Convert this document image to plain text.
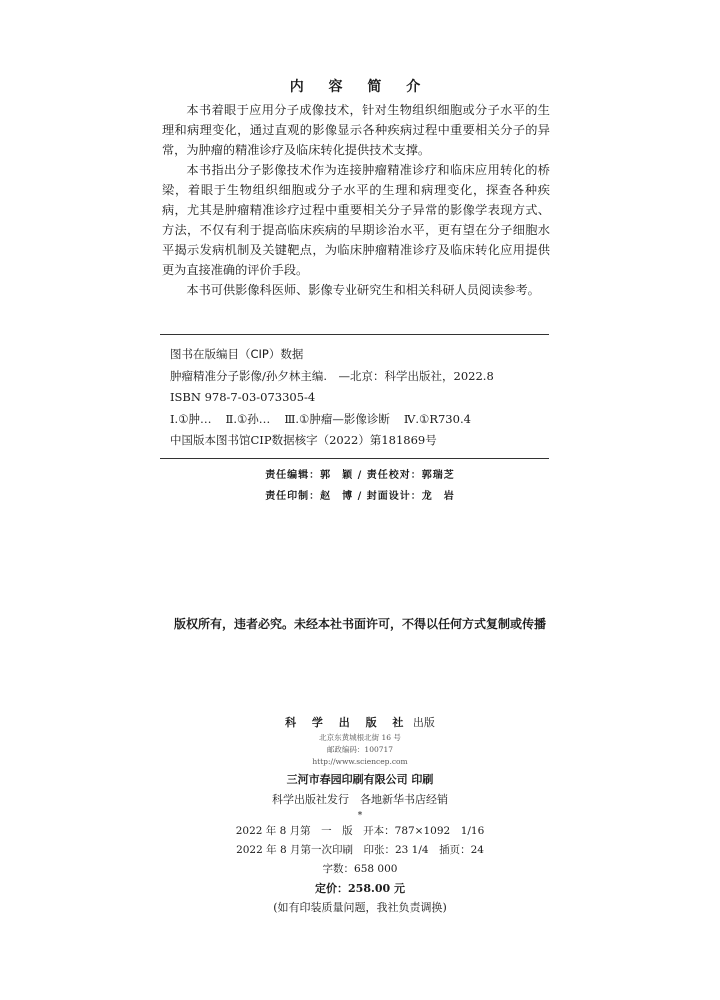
内 容 简 介

本书着眼于应用分子成像技术，针对生物组织细胞或分子水平的生理和病理变化，通过直观的影像显示各种疾病过程中重要相关分子的异常，为肿瘤的精准诊疗及临床转化提供技术支撑。

本书指出分子影像技术作为连接肿瘤精准诊疗和临床应用转化的桥梁，着眼于生物组织细胞或分子水平的生理和病理变化，探查各种疾病，尤其是肿瘤精准诊疗过程中重要相关分子异常的影像学表现方式、方法，不仅有利于提高临床疾病的早期诊治水平，更有望在分子细胞水平揭示发病机制及关键靶点，为临床肿瘤精准诊疗及临床转化应用提供更为直接准确的评价手段。

本书可供影像科医师、影像专业研究生和相关科研人员阅读参考。

图书在版编目（CIP）数据
肿瘤精准分子影像/孙夕林主编.　—北京：科学出版社，2022.8
ISBN 978-7-03-073305-4
Ⅰ.①肿… Ⅱ.①孙… Ⅲ.①肿瘤—影像诊断 Ⅳ.①R730.4
中国版本图书馆CIP数据核字（2022）第181869号
责任编辑：郭　颖 / 责任校对：郭瑞芝
责任印制：赵　博 / 封面设计：龙　岩
版权所有，违者必究。未经本社书面许可，不得以任何方式复制或传播
科 学 出 版 社 出版
北京东黄城根北街 16 号
邮政编码：100717
http://www.sciencep.com
三河市春园印刷有限公司 印刷
科学出版社发行　各地新华书店经销
*
2022 年 8 月第　一　版　开本：787×1092　1/16
2022 年 8 月第一次印刷　印张：23 1/4　插页：24
字数：658 000
定价：258.00 元
(如有印装质量问题，我社负责调换)
